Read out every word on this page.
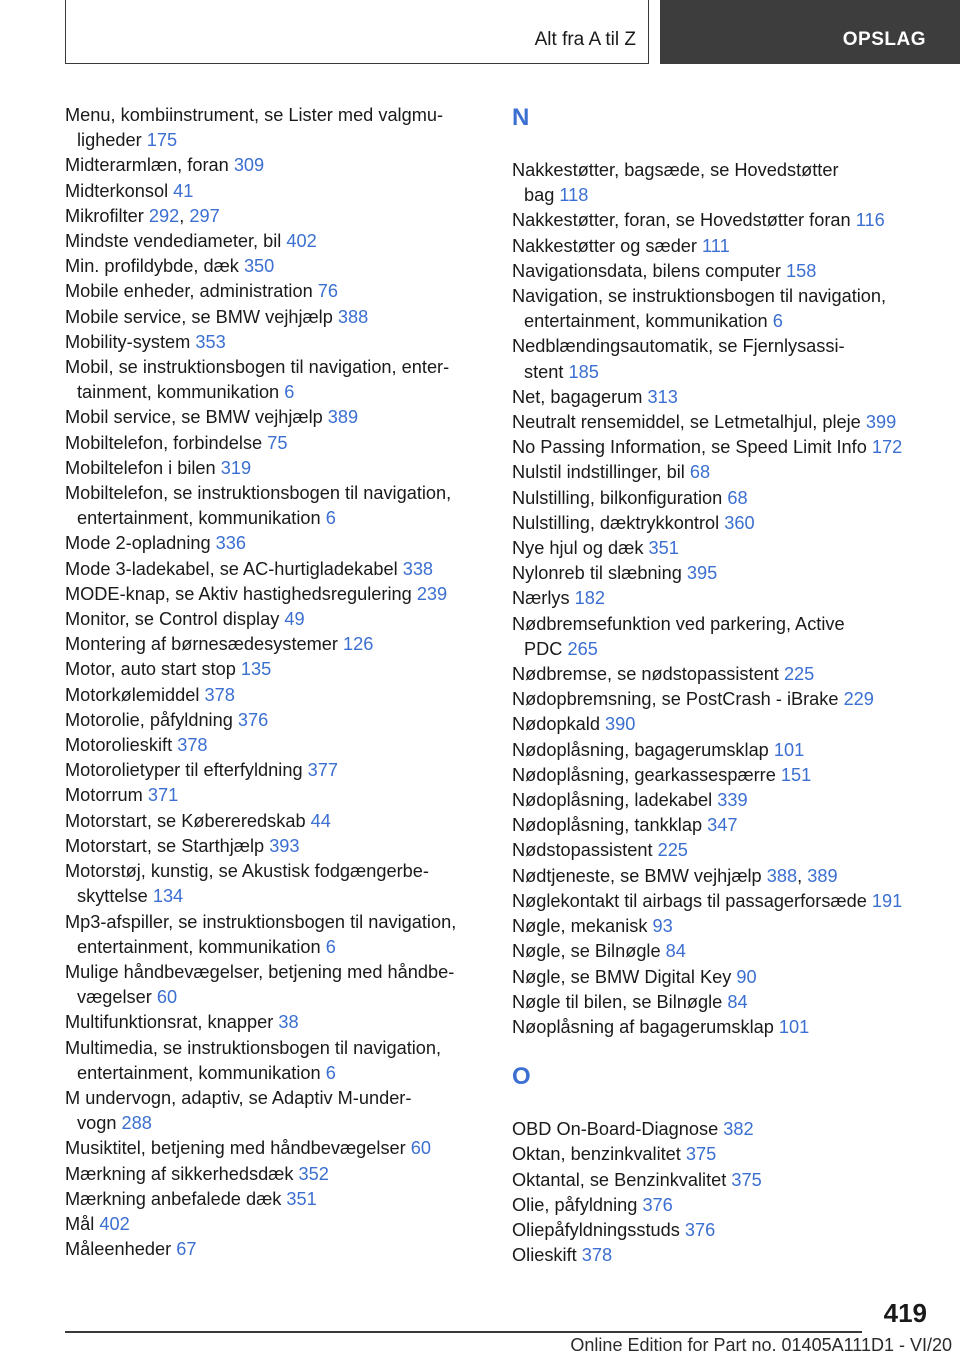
Alt fra A til Z	OPSLAG
Menu, kombiinstrument, se Lister med valgmu-
ligheder 175
Midterarmlæn, foran 309
Midterkonsol 41
Mikrofilter 292, 297
Mindste vendediameter, bil 402
Min. profildybde, dæk 350
Mobile enheder, administration 76
Mobile service, se BMW vejhjælp 388
Mobility-system 353
Mobil, se instruktionsbogen til navigation, enter-
tainment, kommunikation 6
Mobil service, se BMW vejhjælp 389
Mobiltelefon, forbindelse 75
Mobiltelefon i bilen 319
Mobiltelefon, se instruktionsbogen til navigation,
entertainment, kommunikation 6
Mode 2-opladning 336
Mode 3-ladekabel, se AC-hurtigladekabel 338
MODE-knap, se Aktiv hastighedsregulering 239
Monitor, se Control display 49
Montering af børnesædesystemer 126
Motor, auto start stop 135
Motorkølemiddel 378
Motorolie, påfyldning 376
Motorolieskift 378
Motorolietyper til efterfyldning 377
Motorrum 371
Motorstart, se Købereredskab 44
Motorstart, se Starthjælp 393
Motorstøj, kunstig, se Akustisk fodgængerbe-
skyttelse 134
Mp3-afspiller, se instruktionsbogen til navigation,
entertainment, kommunikation 6
Mulige håndbevægelser, betjening med håndbe-
vægelser 60
Multifunktionsrat, knapper 38
Multimedia, se instruktionsbogen til navigation,
entertainment, kommunikation 6
M undervogn, adaptiv, se Adaptiv M-under-
vogn 288
Musiktitel, betjening med håndbevægelser 60
Mærkning af sikkerhedsdæk 352
Mærkning anbefalede dæk 351
Mål 402
Måleenheder 67
N
Nakkestøtter, bagsæde, se Hovedstøtter
bag 118
Nakkestøtter, foran, se Hovedstøtter foran 116
Nakkestøtter og sæder 111
Navigationsdata, bilens computer 158
Navigation, se instruktionsbogen til navigation,
entertainment, kommunikation 6
Nedblændingsautomatik, se Fjernlysassi-
stent 185
Net, bagagerum 313
Neutralt rensemiddel, se Letmetalhjul, pleje 399
No Passing Information, se Speed Limit Info 172
Nulstil indstillinger, bil 68
Nulstilling, bilkonfiguration 68
Nulstilling, dæktrykkontrol 360
Nye hjul og dæk 351
Nylonreb til slæbning 395
Nærlys 182
Nødbremsefunktion ved parkering, Active
PDC 265
Nødbremse, se nødstopassistent 225
Nødopbremsning, se PostCrash - iBrake 229
Nødopkald 390
Nødoplåsning, bagagerumsklap 101
Nødoplåsning, gearkassespærre 151
Nødoplåsning, ladekabel 339
Nødoplåsning, tankklap 347
Nødstopassistent 225
Nødtjeneste, se BMW vejhjælp 388, 389
Nøglekontakt til airbags til passagerforsæde 191
Nøgle, mekanisk 93
Nøgle, se Bilnøgle 84
Nøgle, se BMW Digital Key 90
Nøgle til bilen, se Bilnøgle 84
Nøoplåsning af bagagerumsklap 101
O
OBD On-Board-Diagnose 382
Oktan, benzinkvalitet 375
Oktantal, se Benzinkvalitet 375
Olie, påfyldning 376
Oliepåfyldningsstuds 376
Olieskift 378
419
Online Edition for Part no. 01405A111D1 - VI/20
